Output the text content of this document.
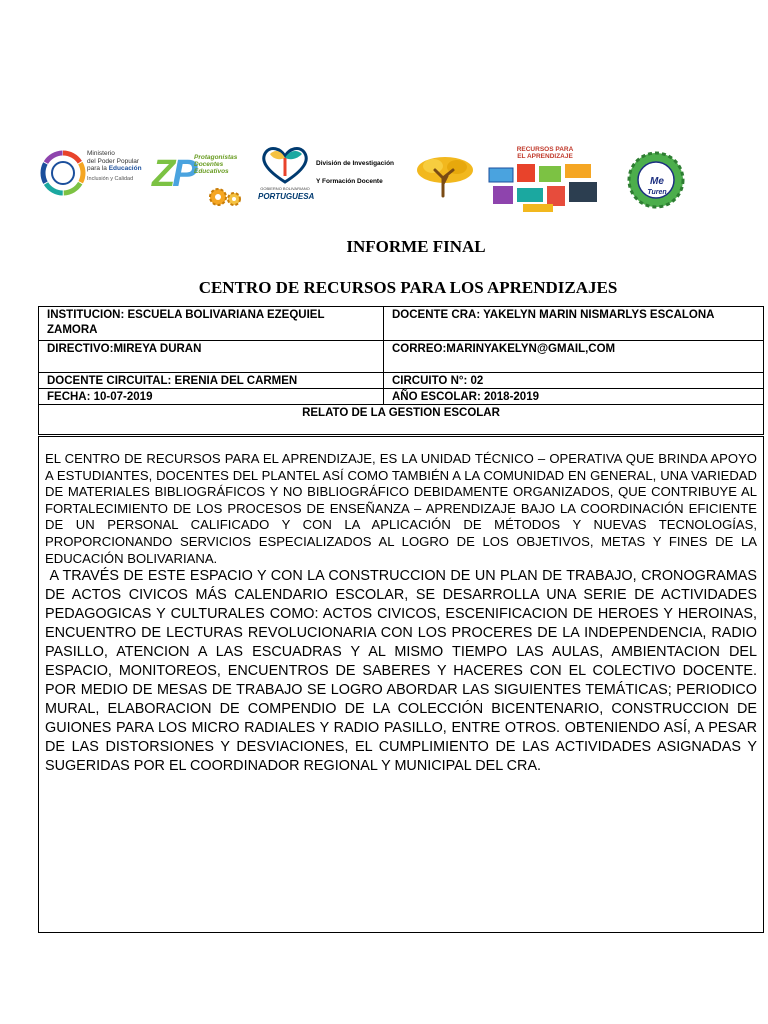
Ministerio
del Poder Popular
para la Educación
Inclusión y Calidad ZP Protagonistas Docentes Educativos
GOBIERNO BOLIVARIANO
PORTUGUESA
División de Investigación
Y Formación Docente
RECURSOS PARA
EL APRENDIZAJE
Me
Turen
INFORME FINAL
CENTRO DE RECURSOS PARA LOS APRENDIZAJES
INSTITUCION: ESCUELA BOLIVARIANA EZEQUIEL ZAMORA
DOCENTE CRA: YAKELYN MARIN NISMARLYS ESCALONA
DIRECTIVO:MIREYA DURAN	CORREO:MARINYAKELYN@GMAIL,COM
DOCENTE CIRCUITAL: ERENIA DEL CARMEN	CIRCUITO N°: 02
FECHA: 10-07-2019	AÑO ESCOLAR: 2018-2019
RELATO DE LA GESTION ESCOLAR

EL CENTRO DE RECURSOS PARA EL APRENDIZAJE, ES LA UNIDAD TÉCNICO – OPERATIVA QUE BRINDA APOYO A ESTUDIANTES, DOCENTES DEL PLANTEL ASÍ COMO TAMBIÉN A LA COMUNIDAD EN GENERAL, UNA VARIEDAD DE MATERIALES BIBLIOGRÁFICOS Y NO BIBLIOGRÁFICO DEBIDAMENTE ORGANIZADOS, QUE CONTRIBUYE AL FORTALECIMIENTO DE LOS PROCESOS DE ENSEÑANZA – APRENDIZAJE BAJO LA COORDINACIÓN EFICIENTE DE UN PERSONAL CALIFICADO Y CON LA APLICACIÓN DE MÉTODOS Y NUEVAS TECNOLOGÍAS, PROPORCIONANDO SERVICIOS ESPECIALIZADOS AL LOGRO DE LOS OBJETIVOS, METAS Y FINES DE LA EDUCACIÓN BOLIVARIANA.

A TRAVÉS DE ESTE ESPACIO Y CON LA CONSTRUCCION DE UN PLAN DE TRABAJO, CRONOGRAMAS DE ACTOS CIVICOS MÁS CALENDARIO ESCOLAR, SE DESARROLLA UNA SERIE DE ACTIVIDADES PEDAGOGICAS Y CULTURALES COMO: ACTOS CIVICOS, ESCENIFICACION DE HEROES Y HEROINAS, ENCUENTRO DE LECTURAS REVOLUCIONARIA CON LOS PROCERES DE LA INDEPENDENCIA, RADIO PASILLO, ATENCION A LAS ESCUADRAS Y AL MISMO TIEMPO LAS AULAS, AMBIENTACION DEL ESPACIO, MONITOREOS, ENCUENTROS DE SABERES Y HACERES CON EL COLECTIVO DOCENTE. POR MEDIO DE MESAS DE TRABAJO SE LOGRO ABORDAR LAS SIGUIENTES TEMÁTICAS; PERIODICO MURAL, ELABORACION DE COMPENDIO DE LA COLECCIÓN BICENTENARIO, CONSTRUCCION DE GUIONES PARA LOS MICRO RADIALES Y RADIO PASILLO, ENTRE OTROS. OBTENIENDO ASÍ, A PESAR DE LAS DISTORSIONES Y DESVIACIONES, EL CUMPLIMIENTO DE LAS ACTIVIDADES ASIGNADAS Y SUGERIDAS POR EL COORDINADOR REGIONAL Y MUNICIPAL DEL CRA.
